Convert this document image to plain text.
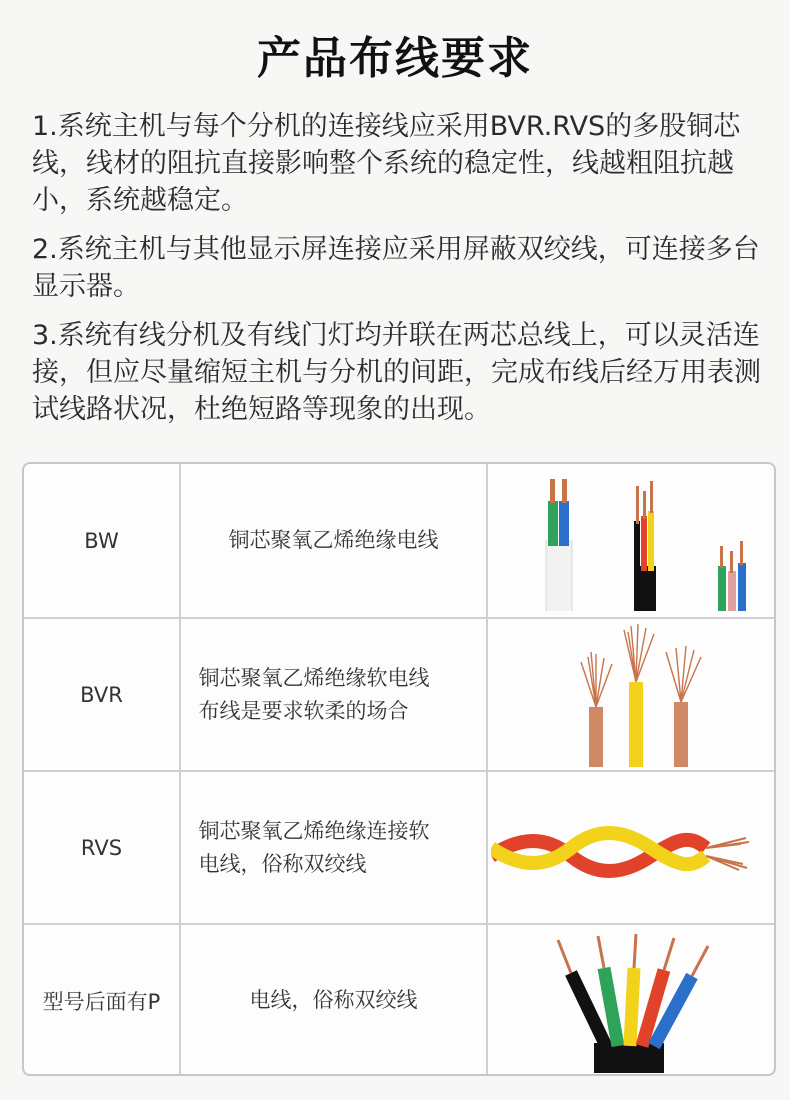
产品布线要求

1.系统主机与每个分机的连接线应采用BVR.RVS的多股铜芯线，线材的阻抗直接影响整个系统的稳定性，线越粗阻抗越小，系统越稳定。

2.系统主机与其他显示屏连接应采用屏蔽双绞线，可连接多台显示器。

3.系统有线分机及有线门灯均并联在两芯总线上，可以灵活连接，但应尽量缩短主机与分机的间距，完成布线后经万用表测试线路状况，杜绝短路等现象的出现。

BW	铜芯聚氧乙烯绝缘电线
BVR
铜芯聚氧乙烯绝缘软电线
布线是要求软柔的场合
RVS
铜芯聚氧乙烯绝缘连接软
电线，俗称双绞线
型号后面有P	电线，俗称双绞线
